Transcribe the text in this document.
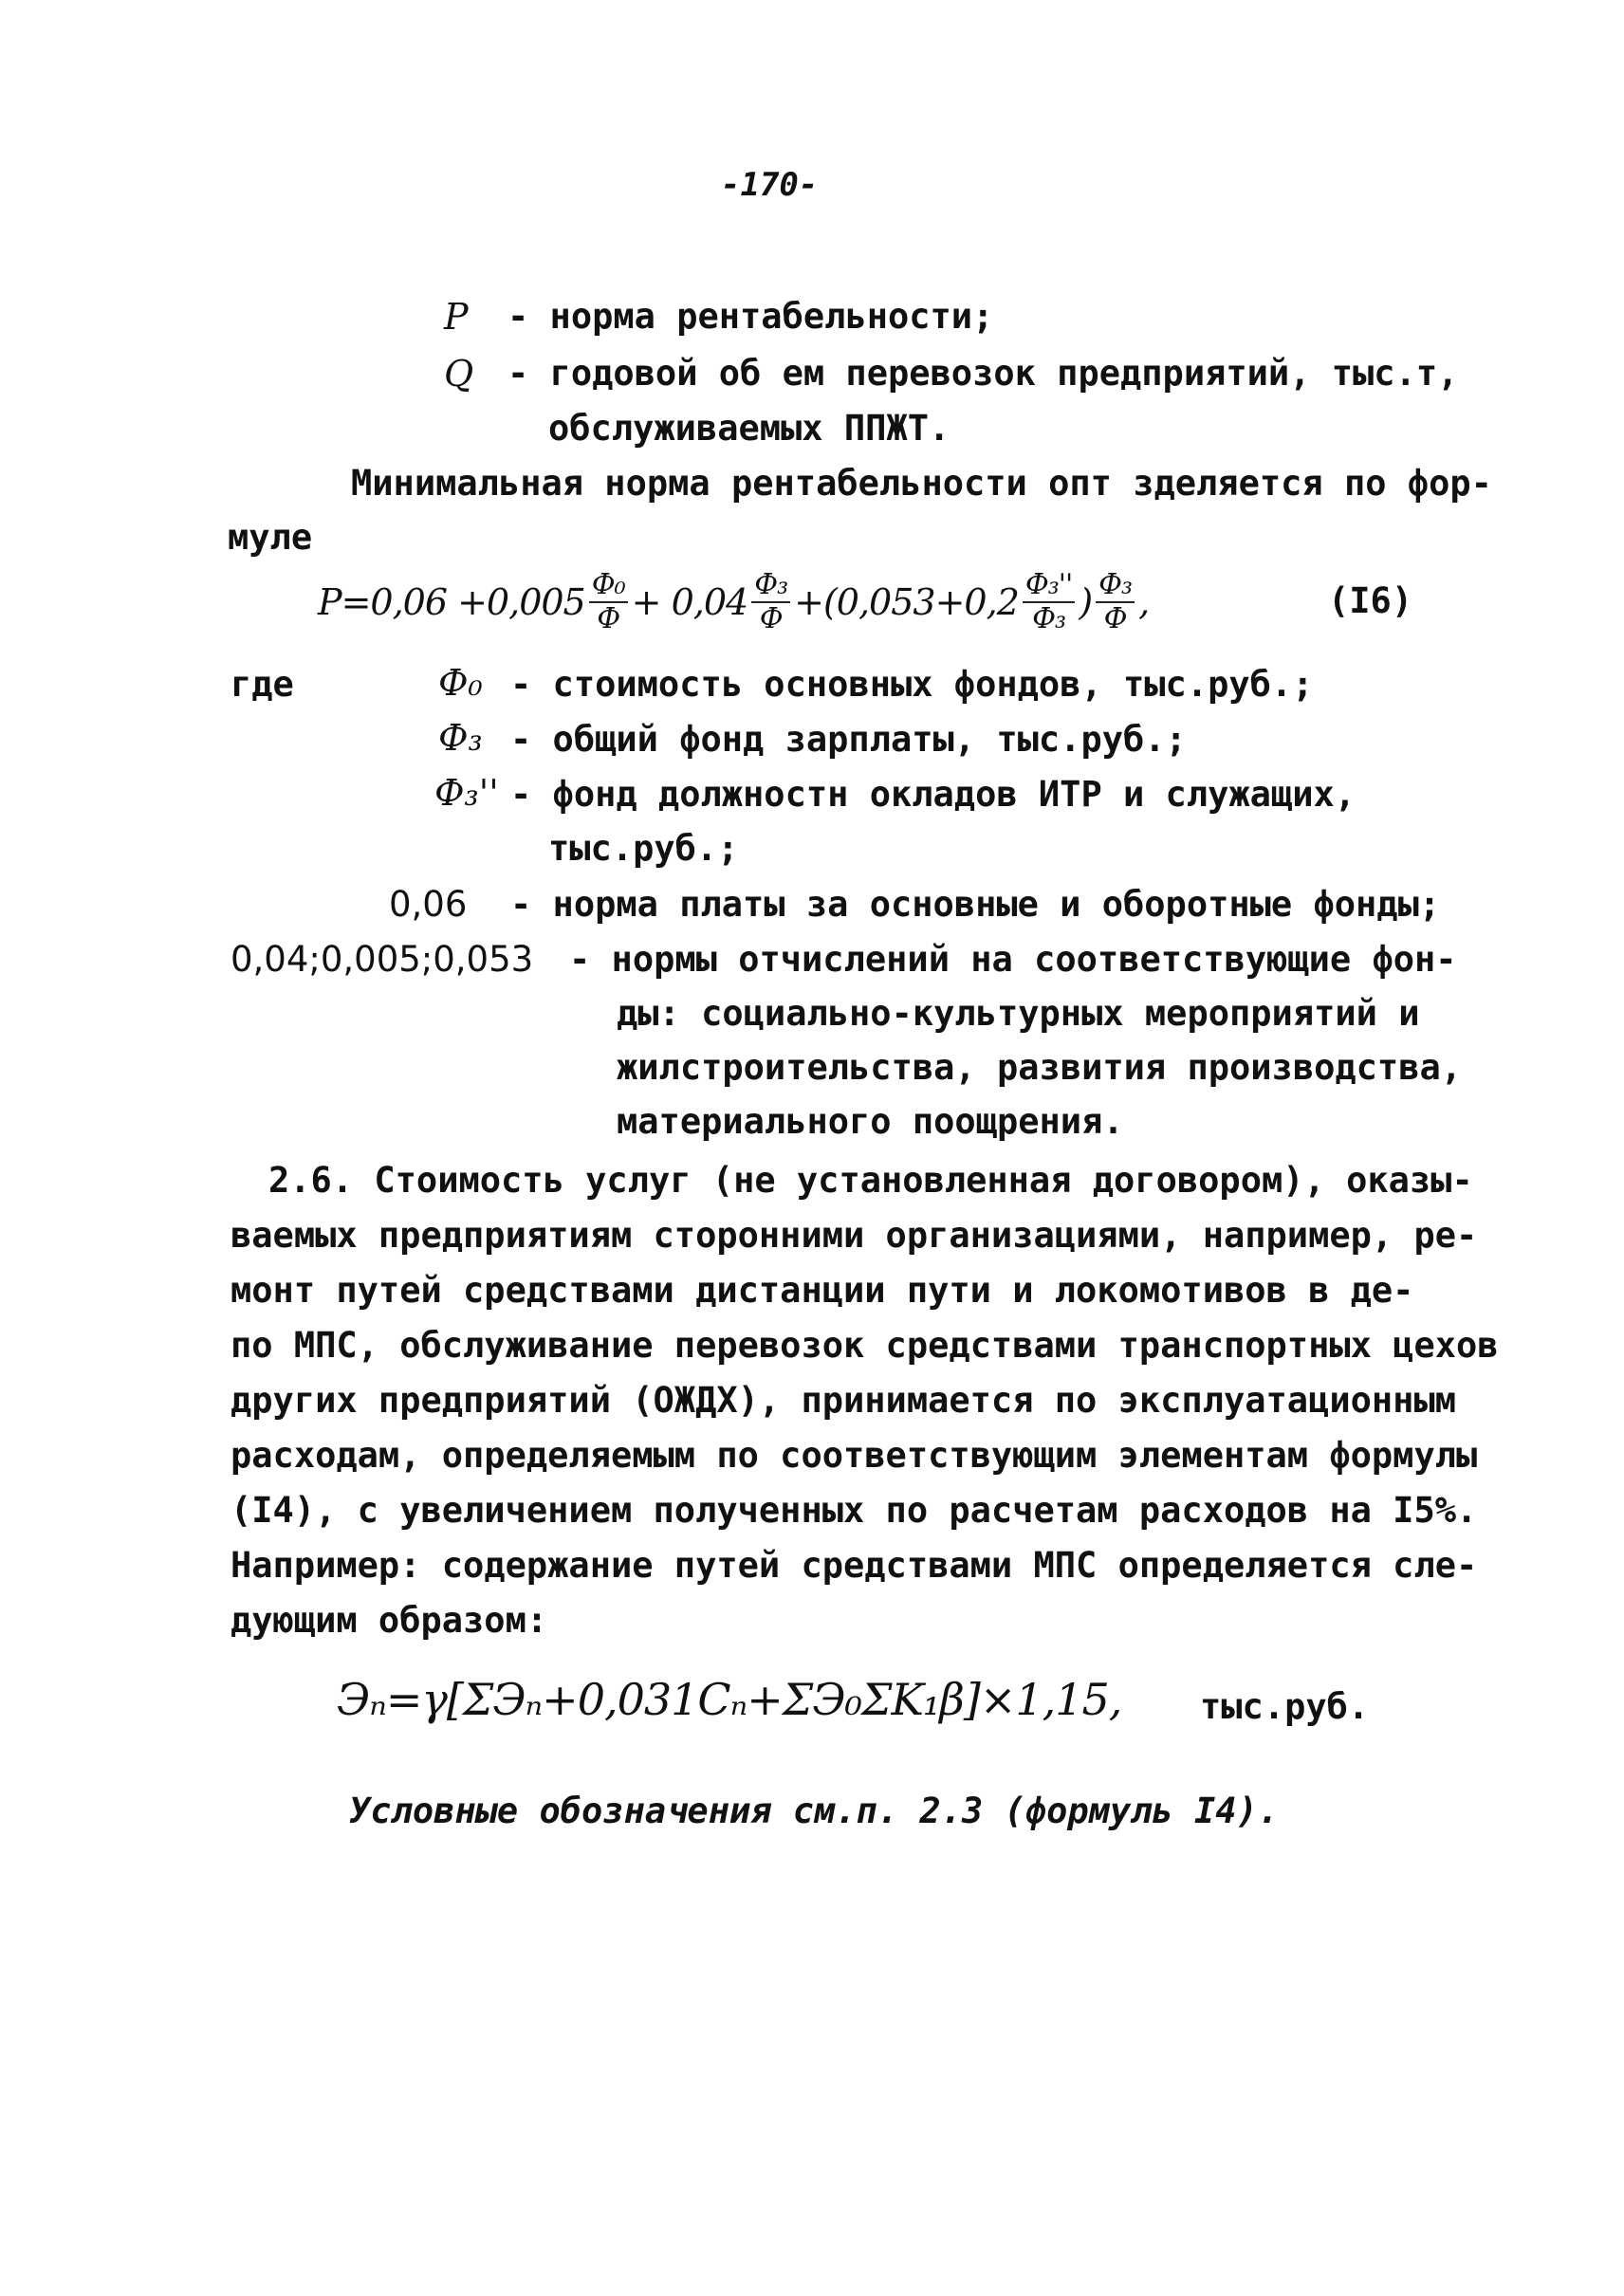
-170-
P - норма рентабельности;
Q - годовой об ем перевозок предприятий, тыс.т,
обслуживаемых ППЖТ.
Минимальная норма рентабельности опт зделяется по фор-
муле
$P=0,06 +0,005 \frac{\text{Ф₀}}{Ф} + 0,04 \frac{\text{Ф₃}}{Ф} +(0,053+0,2 \frac{\text{Ф₃''}}{\text{Ф₃}}$ ) $\frac{\text{Ф₃}}{Ф}$ ,	(I6)
где	Ф₀ - стоимость основных фондов, тыс.руб.;
Ф₃ - общий фонд зарплаты, тыс.руб.;
Ф₃'' - фонд должностн окладов ИТР и служащих,
тыс.руб.;
0,06 - норма платы за основные и оборотные фонды;
0,04;0,005;0,053 - нормы отчислений на соответствующие фон-
ды: социально-культурных мероприятий и
жилстроительства, развития производства,
материального поощрения.
2.6. Стоимость услуг (не установленная договором), оказы-
ваемых предприятиям сторонними организациями, например, ре-
монт путей средствами дистанции пути и локомотивов в де-
по МПС, обслуживание перевозок средствами транспортных цехов
других предприятий (ОЖДХ), принимается по эксплуатационным
расходам, определяемым по соответствующим элементам формулы
(I4), с увеличением полученных по расчетам расходов на I5%.
Например: содержание путей средствами МПС определяется сле-
дующим образом:
Эₙ=γ[ΣЭₙ+0,031Cₙ+ΣЭ₀ΣK₁β]×1,15, тыс.руб.
Условные обозначения см.п. 2.3 (формуль I4).
